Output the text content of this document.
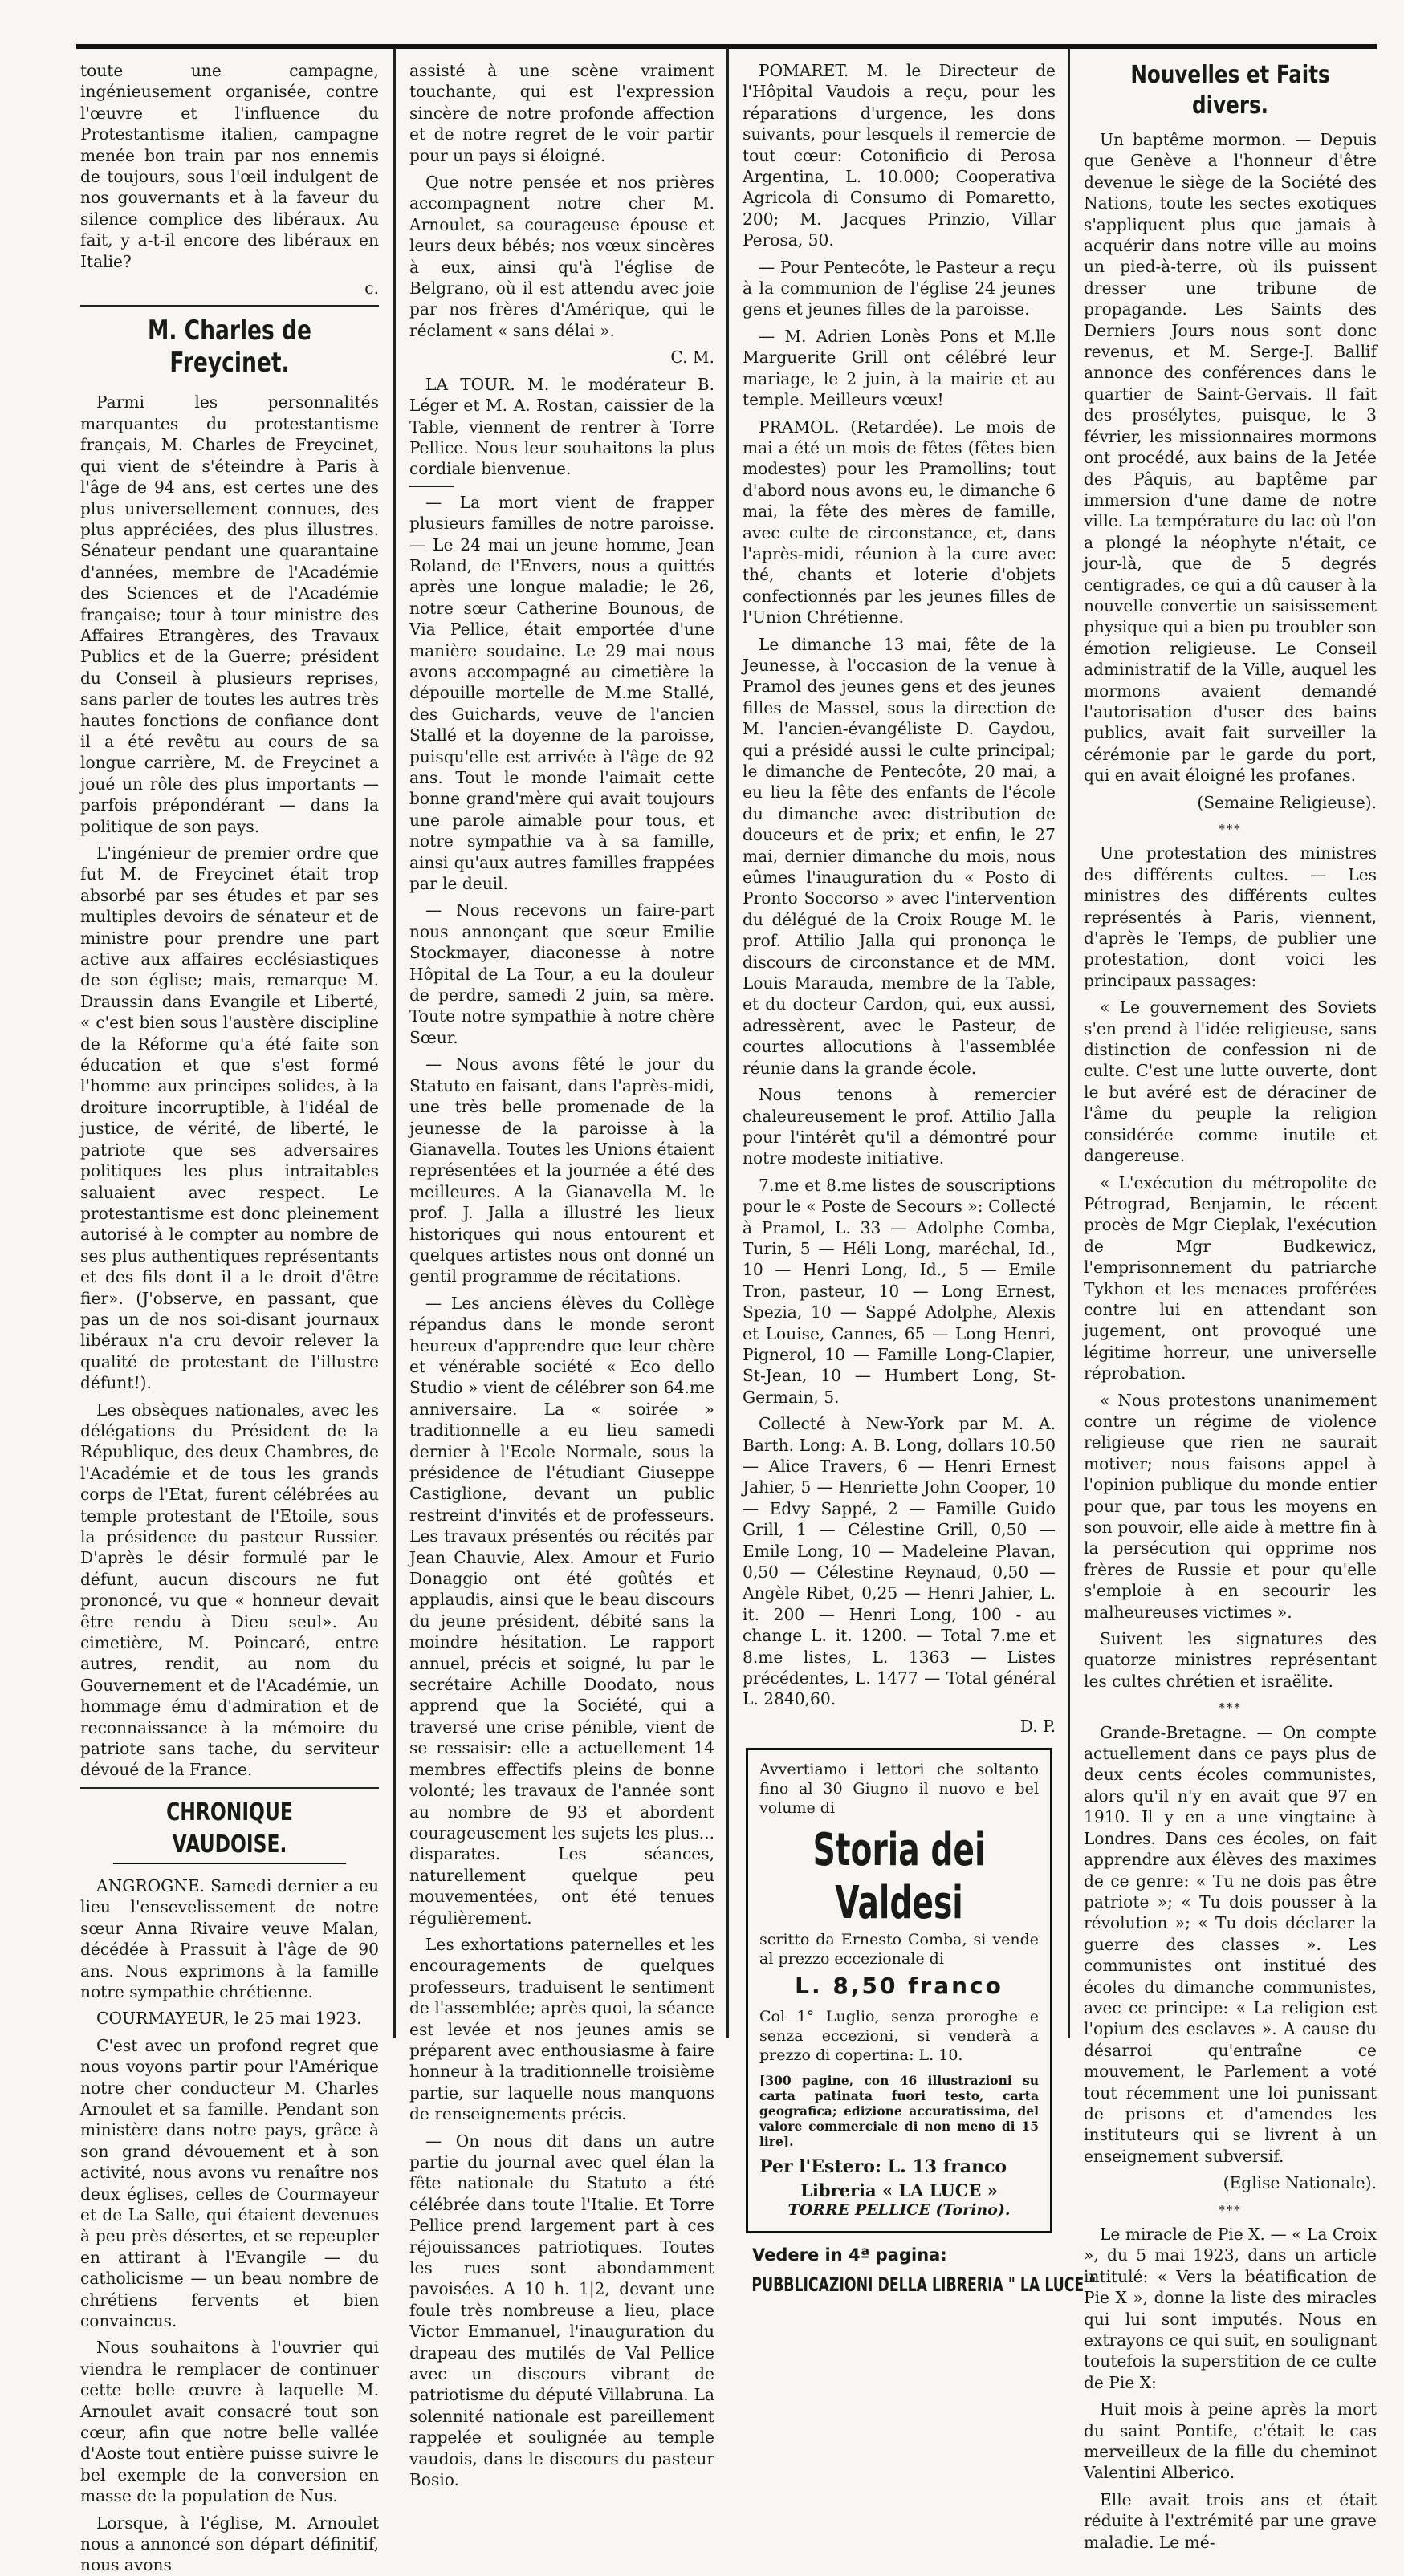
toute une campagne, ingénieusement organisée, contre l'œuvre et l'influence du Protestantisme italien, campagne menée bon train par nos ennemis de toujours, sous l'œil indulgent de nos gouvernants et à la faveur du silence complice des libéraux. Au fait, y a-t-il encore des libéraux en Italie?

c.

M. Charles de Freycinet.

Parmi les personnalités marquantes du protestantisme français, M. Charles de Freycinet, qui vient de s'éteindre à Paris à l'âge de 94 ans, est certes une des plus universellement connues, des plus appréciées, des plus illustres. Sénateur pendant une quarantaine d'années, membre de l'Académie des Sciences et de l'Académie française; tour à tour ministre des Affaires Etrangères, des Travaux Publics et de la Guerre; président du Conseil à plusieurs reprises, sans parler de toutes les autres très hautes fonctions de confiance dont il a été revêtu au cours de sa longue carrière, M. de Freycinet a joué un rôle des plus importants — parfois prépondérant — dans la politique de son pays.

L'ingénieur de premier ordre que fut M. de Freycinet était trop absorbé par ses études et par ses multiples devoirs de sénateur et de ministre pour prendre une part active aux affaires ecclésiastiques de son église; mais, remarque M. Draussin dans Evangile et Liberté, « c'est bien sous l'austère discipline de la Réforme qu'a été faite son éducation et que s'est formé l'homme aux principes solides, à la droiture incorruptible, à l'idéal de justice, de vérité, de liberté, le patriote que ses adversaires politiques les plus intraitables saluaient avec respect. Le protestantisme est donc pleinement autorisé à le compter au nombre de ses plus authentiques représentants et des fils dont il a le droit d'être fier». (J'observe, en passant, que pas un de nos soi-disant journaux libéraux n'a cru devoir relever la qualité de protestant de l'illustre défunt!).

Les obsèques nationales, avec les délégations du Président de la République, des deux Chambres, de l'Académie et de tous les grands corps de l'Etat, furent célébrées au temple protestant de l'Etoile, sous la présidence du pasteur Russier. D'après le désir formulé par le défunt, aucun discours ne fut prononcé, vu que « honneur devait être rendu à Dieu seul». Au cimetière, M. Poincaré, entre autres, rendit, au nom du Gouvernement et de l'Académie, un hommage ému d'admiration et de reconnaissance à la mémoire du patriote sans tache, du serviteur dévoué de la France.

CHRONIQUE VAUDOISE.

ANGROGNE. Samedi dernier a eu lieu l'ensevelissement de notre sœur Anna Rivaire veuve Malan, décédée à Prassuit à l'âge de 90 ans. Nous exprimons à la famille notre sympathie chrétienne.

COURMAYEUR, le 25 mai 1923.

C'est avec un profond regret que nous voyons partir pour l'Amérique notre cher conducteur M. Charles Arnoulet et sa famille. Pendant son ministère dans notre pays, grâce à son grand dévouement et à son activité, nous avons vu renaître nos deux églises, celles de Courmayeur et de La Salle, qui étaient devenues à peu près désertes, et se repeupler en attirant à l'Evangile — du catholicisme — un beau nombre de chrétiens fervents et bien convaincus.

Nous souhaitons à l'ouvrier qui viendra le remplacer de continuer cette belle œuvre à laquelle M. Arnoulet avait consacré tout son cœur, afin que notre belle vallée d'Aoste tout entière puisse suivre le bel exemple de la conversion en masse de la population de Nus.

Lorsque, à l'église, M. Arnoulet nous a annoncé son départ définitif, nous avons

assisté à une scène vraiment touchante, qui est l'expression sincère de notre profonde affection et de notre regret de le voir partir pour un pays si éloigné.

Que notre pensée et nos prières accompagnent notre cher M. Arnoulet, sa courageuse épouse et leurs deux bébés; nos vœux sincères à eux, ainsi qu'à l'église de Belgrano, où il est attendu avec joie par nos frères d'Amérique, qui le réclament « sans délai ».

C. M.

LA TOUR. M. le modérateur B. Léger et M. A. Rostan, caissier de la Table, viennent de rentrer à Torre Pellice. Nous leur souhaitons la plus cordiale bienvenue.

— La mort vient de frapper plusieurs familles de notre paroisse. — Le 24 mai un jeune homme, Jean Roland, de l'Envers, nous a quittés après une longue maladie; le 26, notre sœur Catherine Bounous, de Via Pellice, était emportée d'une manière soudaine. Le 29 mai nous avons accompagné au cimetière la dépouille mortelle de M.me Stallé, des Guichards, veuve de l'ancien Stallé et la doyenne de la paroisse, puisqu'elle est arrivée à l'âge de 92 ans. Tout le monde l'aimait cette bonne grand'mère qui avait toujours une parole aimable pour tous, et notre sympathie va à sa famille, ainsi qu'aux autres familles frappées par le deuil.

— Nous recevons un faire-part nous annonçant que sœur Emilie Stockmayer, diaconesse à notre Hôpital de La Tour, a eu la douleur de perdre, samedi 2 juin, sa mère. Toute notre sympathie à notre chère Sœur.

— Nous avons fêté le jour du Statuto en faisant, dans l'après-midi, une très belle promenade de la jeunesse de la paroisse à la Gianavella. Toutes les Unions étaient représentées et la journée a été des meilleures. A la Gianavella M. le prof. J. Jalla a illustré les lieux historiques qui nous entourent et quelques artistes nous ont donné un gentil programme de récitations.

— Les anciens élèves du Collège répandus dans le monde seront heureux d'apprendre que leur chère et vénérable société « Eco dello Studio » vient de célébrer son 64.me anniversaire. La « soirée » traditionnelle a eu lieu samedi dernier à l'Ecole Normale, sous la présidence de l'étudiant Giuseppe Castiglione, devant un public restreint d'invités et de professeurs. Les travaux présentés ou récités par Jean Chauvie, Alex. Amour et Furio Donaggio ont été goûtés et applaudis, ainsi que le beau discours du jeune président, débité sans la moindre hésitation. Le rapport annuel, précis et soigné, lu par le secrétaire Achille Doodato, nous apprend que la Société, qui a traversé une crise pénible, vient de se ressaisir: elle a actuellement 14 membres effectifs pleins de bonne volonté; les travaux de l'année sont au nombre de 93 et abordent courageusement les sujets les plus... disparates. Les séances, naturellement quelque peu mouvementées, ont été tenues régulièrement.

Les exhortations paternelles et les encouragements de quelques professeurs, traduisent le sentiment de l'assemblée; après quoi, la séance est levée et nos jeunes amis se préparent avec enthousiasme à faire honneur à la traditionnelle troisième partie, sur laquelle nous manquons de renseignements précis.

— On nous dit dans un autre partie du journal avec quel élan la fête nationale du Statuto a été célébrée dans toute l'Italie. Et Torre Pellice prend largement part à ces réjouissances patriotiques. Toutes les rues sont abondamment pavoisées. A 10 h. 1|2, devant une foule très nombreuse a lieu, place Victor Emmanuel, l'inauguration du drapeau des mutilés de Val Pellice avec un discours vibrant de patriotisme du député Villabruna. La solennité nationale est pareillement rappelée et soulignée au temple vaudois, dans le discours du pasteur Bosio.

POMARET. M. le Directeur de l'Hôpital Vaudois a reçu, pour les réparations d'urgence, les dons suivants, pour lesquels il remercie de tout cœur: Cotonificio di Perosa Argentina, L. 10.000; Cooperativa Agricola di Consumo di Pomaretto, 200; M. Jacques Prinzio, Villar Perosa, 50.

— Pour Pentecôte, le Pasteur a reçu à la communion de l'église 24 jeunes gens et jeunes filles de la paroisse.

— M. Adrien Lonès Pons et M.lle Marguerite Grill ont célébré leur mariage, le 2 juin, à la mairie et au temple. Meilleurs vœux!

PRAMOL. (Retardée). Le mois de mai a été un mois de fêtes (fêtes bien modestes) pour les Pramollins; tout d'abord nous avons eu, le dimanche 6 mai, la fête des mères de famille, avec culte de circonstance, et, dans l'après-midi, réunion à la cure avec thé, chants et loterie d'objets confectionnés par les jeunes filles de l'Union Chrétienne.

Le dimanche 13 mai, fête de la Jeunesse, à l'occasion de la venue à Pramol des jeunes gens et des jeunes filles de Massel, sous la direction de M. l'ancien-évangéliste D. Gaydou, qui a présidé aussi le culte principal; le dimanche de Pentecôte, 20 mai, a eu lieu la fête des enfants de l'école du dimanche avec distribution de douceurs et de prix; et enfin, le 27 mai, dernier dimanche du mois, nous eûmes l'inauguration du « Posto di Pronto Soccorso » avec l'intervention du délégué de la Croix Rouge M. le prof. Attilio Jalla qui prononça le discours de circonstance et de MM. Louis Marauda, membre de la Table, et du docteur Cardon, qui, eux aussi, adressèrent, avec le Pasteur, de courtes allocutions à l'assemblée réunie dans la grande école.

Nous tenons à remercier chaleureusement le prof. Attilio Jalla pour l'intérêt qu'il a démontré pour notre modeste initiative.

7.me et 8.me listes de souscriptions pour le « Poste de Secours »: Collecté à Pramol, L. 33 — Adolphe Comba, Turin, 5 — Héli Long, maréchal, Id., 10 — Henri Long, Id., 5 — Emile Tron, pasteur, 10 — Long Ernest, Spezia, 10 — Sappé Adolphe, Alexis et Louise, Cannes, 65 — Long Henri, Pignerol, 10 — Famille Long-Clapier, St-Jean, 10 — Humbert Long, St-Germain, 5.

Collecté à New-York par M. A. Barth. Long: A. B. Long, dollars 10.50 — Alice Travers, 6 — Henri Ernest Jahier, 5 — Henriette John Cooper, 10 — Edvy Sappé, 2 — Famille Guido Grill, 1 — Célestine Grill, 0,50 — Emile Long, 10 — Madeleine Plavan, 0,50 — Célestine Reynaud, 0,50 — Angèle Ribet, 0,25 — Henri Jahier, L. it. 200 — Henri Long, 100 - au change L. it. 1200. — Total 7.me et 8.me listes, L. 1363 — Listes précédentes, L. 1477 — Total général L. 2840,60.

D. P.

Avvertiamo i lettori che soltanto fino al 30 Giugno il nuovo e bel volume di
Storia dei Valdesi
scritto da Ernesto Comba, si vende al prezzo eccezionale di
L. 8,50 franco
Col 1° Luglio, senza proroghe e senza eccezioni, si venderà a prezzo di copertina: L. 10.
[300 pagine, con 46 illustrazioni su carta patinata fuori testo, carta geografica; edizione accuratissima, del valore commerciale di non meno di 15 lire].
Per l'Estero: L. 13 franco
Libreria « LA LUCE »
TORRE PELLICE (Torino).
Vedere in 4ª pagina:
PUBBLICAZIONI DELLA LIBRERIA " LA LUCE "
Nouvelles et Faits divers.

Un baptême mormon. — Depuis que Genève a l'honneur d'être devenue le siège de la Société des Nations, toute les sectes exotiques s'appliquent plus que jamais à acquérir dans notre ville au moins un pied-à-terre, où ils puissent dresser une tribune de propagande. Les Saints des Derniers Jours nous sont donc revenus, et M. Serge-J. Ballif annonce des conférences dans le quartier de Saint-Gervais. Il fait des prosélytes, puisque, le 3 février, les missionnaires mormons ont procédé, aux bains de la Jetée des Pâquis, au baptême par immersion d'une dame de notre ville. La température du lac où l'on a plongé la néophyte n'était, ce jour-là, que de 5 degrés centigrades, ce qui a dû causer à la nouvelle convertie un saisissement physique qui a bien pu troubler son émotion religieuse. Le Conseil administratif de la Ville, auquel les mormons avaient demandé l'autorisation d'user des bains publics, avait fait surveiller la cérémonie par le garde du port, qui en avait éloigné les profanes.

(Semaine Religieuse).

***

Une protestation des ministres des différents cultes. — Les ministres des différents cultes représentés à Paris, viennent, d'après le Temps, de publier une protestation, dont voici les principaux passages:

« Le gouvernement des Soviets s'en prend à l'idée religieuse, sans distinction de confession ni de culte. C'est une lutte ouverte, dont le but avéré est de déraciner de l'âme du peuple la religion considérée comme inutile et dangereuse.

« L'exécution du métropolite de Pétrograd, Benjamin, le récent procès de Mgr Cieplak, l'exécution de Mgr Budkewicz, l'emprisonnement du patriarche Tykhon et les menaces proférées contre lui en attendant son jugement, ont provoqué une légitime horreur, une universelle réprobation.

« Nous protestons unanimement contre un régime de violence religieuse que rien ne saurait motiver; nous faisons appel à l'opinion publique du monde entier pour que, par tous les moyens en son pouvoir, elle aide à mettre fin à la persécution qui opprime nos frères de Russie et pour qu'elle s'emploie à en secourir les malheureuses victimes ».

Suivent les signatures des quatorze ministres représentant les cultes chrétien et israëlite.

***

Grande-Bretagne. — On compte actuellement dans ce pays plus de deux cents écoles communistes, alors qu'il n'y en avait que 97 en 1910. Il y en a une vingtaine à Londres. Dans ces écoles, on fait apprendre aux élèves des maximes de ce genre: « Tu ne dois pas être patriote »; « Tu dois pousser à la révolution »; « Tu dois déclarer la guerre des classes ». Les communistes ont institué des écoles du dimanche communistes, avec ce principe: « La religion est l'opium des esclaves ». A cause du désarroi qu'entraîne ce mouvement, le Parlement a voté tout récemment une loi punissant de prisons et d'amendes les instituteurs qui se livrent à un enseignement subversif.

(Eglise Nationale).

***

Le miracle de Pie X. — « La Croix », du 5 mai 1923, dans un article intitulé: « Vers la béatification de Pie X », donne la liste des miracles qui lui sont imputés. Nous en extrayons ce qui suit, en soulignant toutefois la superstition de ce culte de Pie X:

Huit mois à peine après la mort du saint Pontife, c'était le cas merveilleux de la fille du cheminot Valentini Alberico.

Elle avait trois ans et était réduite à l'extrémité par une grave maladie. Le mé-
